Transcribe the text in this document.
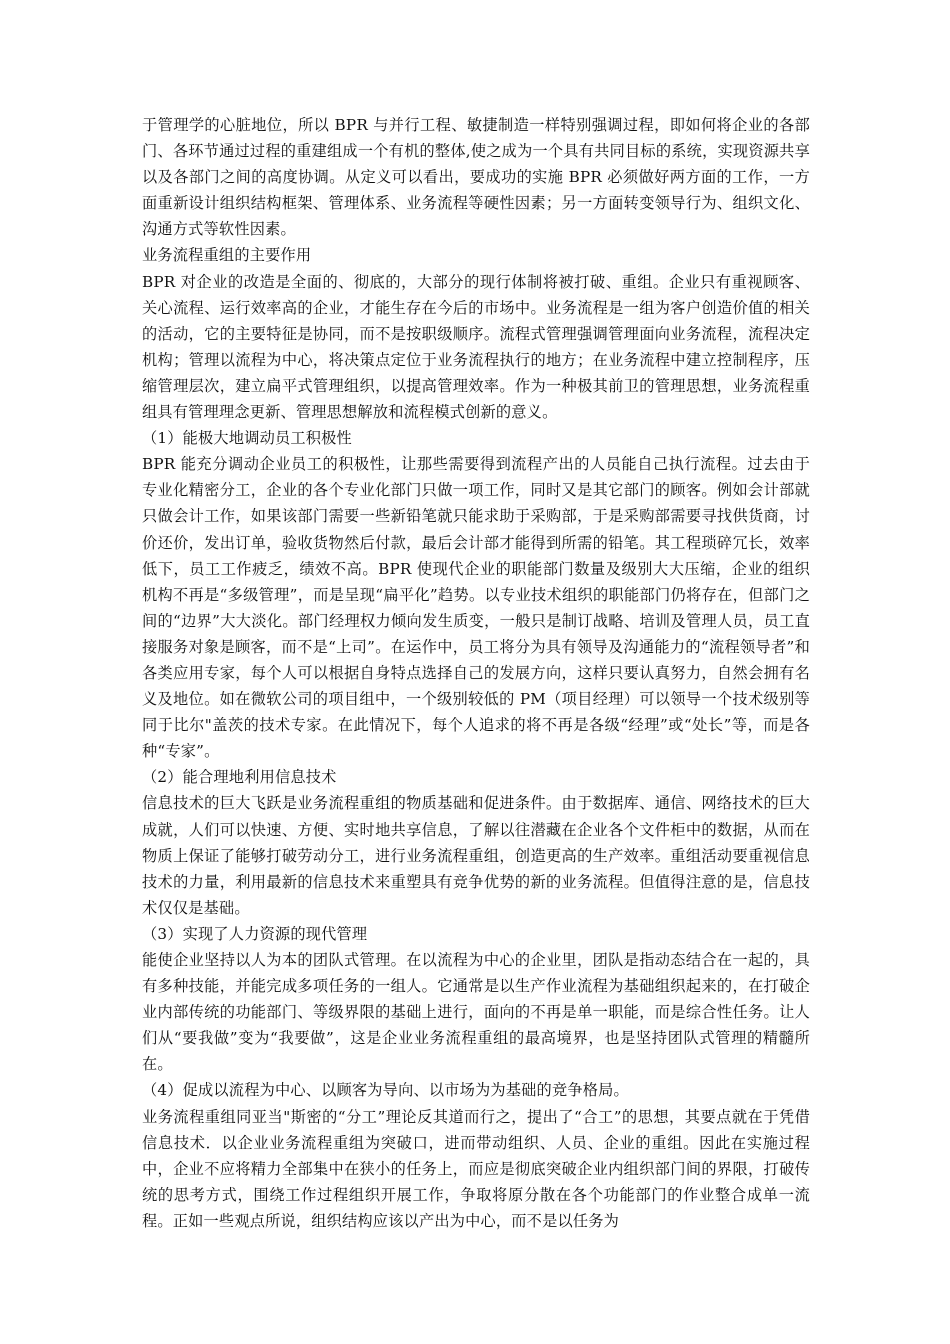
于管理学的心脏地位，所以 BPR 与并行工程、敏捷制造一样特别强调过程，即如何将企业的各部门、各环节通过过程的重建组成一个有机的整体,使之成为一个具有共同目标的系统，实现资源共享以及各部门之间的高度协调。从定义可以看出，要成功的实施 BPR 必须做好两方面的工作，一方面重新设计组织结构框架、管理体系、业务流程等硬性因素；另一方面转变领导行为、组织文化、沟通方式等软性因素。

业务流程重组的主要作用

BPR 对企业的改造是全面的、彻底的，大部分的现行体制将被打破、重组。企业只有重视顾客、关心流程、运行效率高的企业，才能生存在今后的市场中。业务流程是一组为客户创造价值的相关的活动，它的主要特征是协同，而不是按职级顺序。流程式管理强调管理面向业务流程，流程决定机构；管理以流程为中心，将决策点定位于业务流程执行的地方；在业务流程中建立控制程序，压缩管理层次，建立扁平式管理组织，以提高管理效率。作为一种极其前卫的管理思想，业务流程重组具有管理理念更新、管理思想解放和流程模式创新的意义。

（1）能极大地调动员工积极性

BPR 能充分调动企业员工的积极性，让那些需要得到流程产出的人员能自己执行流程。过去由于专业化精密分工，企业的各个专业化部门只做一项工作，同时又是其它部门的顾客。例如会计部就只做会计工作，如果该部门需要一些新铅笔就只能求助于采购部，于是采购部需要寻找供货商，讨价还价，发出订单，验收货物然后付款，最后会计部才能得到所需的铅笔。其工程琐碎冗长，效率低下，员工工作疲乏，绩效不高。BPR 使现代企业的职能部门数量及级别大大压缩，企业的组织机构不再是“多级管理”，而是呈现“扁平化”趋势。以专业技术组织的职能部门仍将存在，但部门之间的“边界”大大淡化。部门经理权力倾向发生质变，一般只是制订战略、培训及管理人员，员工直接服务对象是顾客，而不是“上司”。在运作中，员工将分为具有领导及沟通能力的“流程领导者”和各类应用专家，每个人可以根据自身特点选择自己的发展方向，这样只要认真努力，自然会拥有名义及地位。如在微软公司的项目组中，一个级别较低的 PM（项目经理）可以领导一个技术级别等同于比尔"盖茨的技术专家。在此情况下，每个人追求的将不再是各级“经理”或“处长”等，而是各种“专家”。

（2）能合理地利用信息技术

信息技术的巨大飞跃是业务流程重组的物质基础和促进条件。由于数据库、通信、网络技术的巨大成就，人们可以快速、方便、实时地共享信息，了解以往潜藏在企业各个文件柜中的数据，从而在物质上保证了能够打破劳动分工，进行业务流程重组，创造更高的生产效率。重组活动要重视信息技术的力量，利用最新的信息技术来重塑具有竞争优势的新的业务流程。但值得注意的是，信息技术仅仅是基础。

（3）实现了人力资源的现代管理

能使企业坚持以人为本的团队式管理。在以流程为中心的企业里，团队是指动态结合在一起的，具有多种技能，并能完成多项任务的一组人。它通常是以生产作业流程为基础组织起来的，在打破企业内部传统的功能部门、等级界限的基础上进行，面向的不再是单一职能，而是综合性任务。让人们从“要我做”变为“我要做”，这是企业业务流程重组的最高境界，也是坚持团队式管理的精髓所在。

（4）促成以流程为中心、以顾客为导向、以市场为为基础的竞争格局。

业务流程重组同亚当"斯密的“分工”理论反其道而行之，提出了“合工”的思想，其要点就在于凭借信息技术．以企业业务流程重组为突破口，进而带动组织、人员、企业的重组。因此在实施过程中，企业不应将精力全部集中在狭小的任务上，而应是彻底突破企业内组织部门间的界限，打破传统的思考方式，围绕工作过程组织开展工作，争取将原分散在各个功能部门的作业整合成单一流程。正如一些观点所说，组织结构应该以产出为中心，而不是以任务为
